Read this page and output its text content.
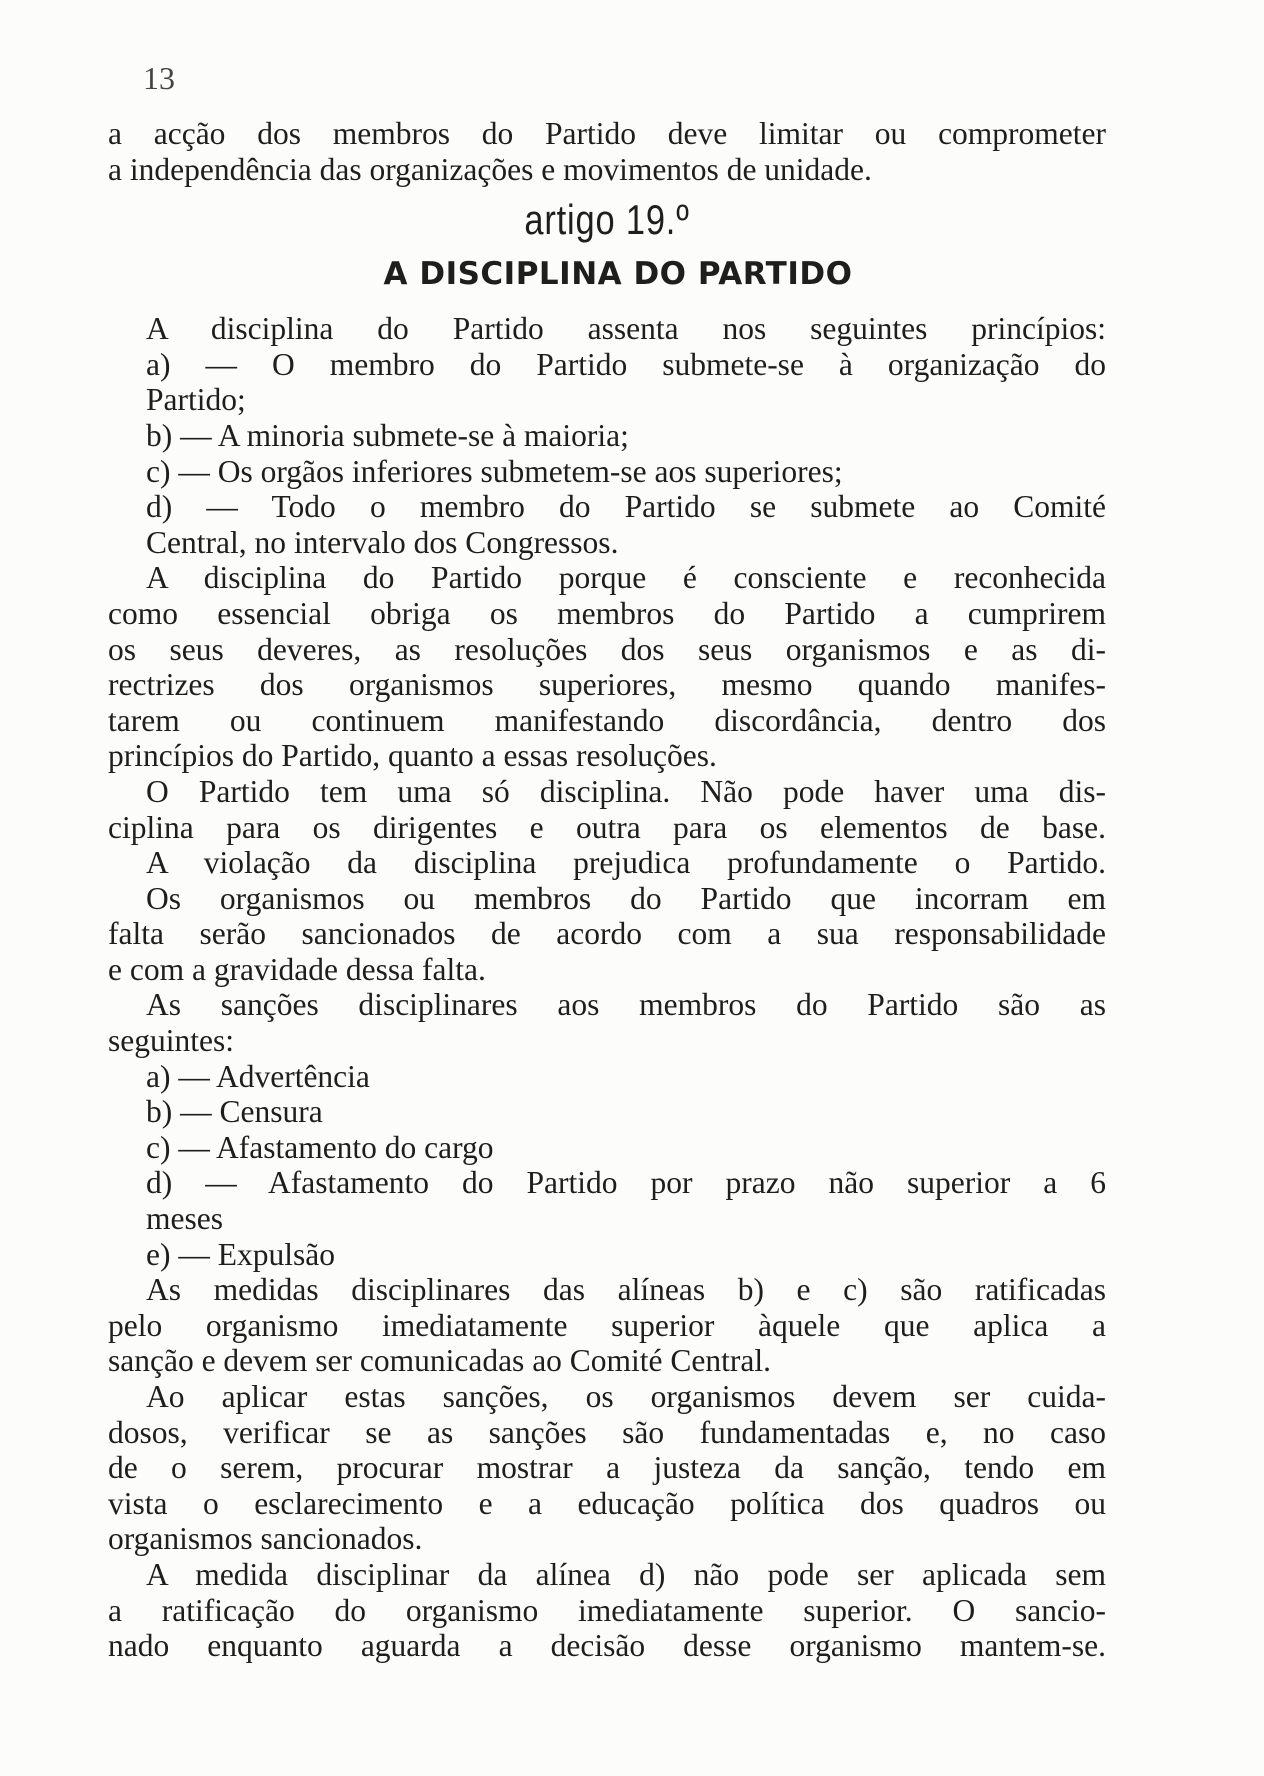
13
a acção dos membros do Partido deve limitar ou comprometer
a independência das organizações e movimentos de unidade.
artigo 19.º
A DISCIPLINA DO PARTIDO
A disciplina do Partido assenta nos seguintes princípios:
a) — O membro do Partido submete-se à organização do
Partido;
b) — A minoria submete-se à maioria;
c) — Os orgãos inferiores submetem-se aos superiores;
d) — Todo o membro do Partido se submete ao Comité
Central, no intervalo dos Congressos.
A disciplina do Partido porque é consciente e reconhecida
como essencial obriga os membros do Partido a cumprirem
os seus deveres, as resoluções dos seus organismos e as di-
rectrizes dos organismos superiores, mesmo quando manifes-
tarem ou continuem manifestando discordância, dentro dos
princípios do Partido, quanto a essas resoluções.
O Partido tem uma só disciplina. Não pode haver uma dis-
ciplina para os dirigentes e outra para os elementos de base.
A violação da disciplina prejudica profundamente o Partido.
Os organismos ou membros do Partido que incorram em
falta serão sancionados de acordo com a sua responsabilidade
e com a gravidade dessa falta.
As sanções disciplinares aos membros do Partido são as
seguintes:
a) — Advertência
b) — Censura
c) — Afastamento do cargo
d) — Afastamento do Partido por prazo não superior a 6
meses
e) — Expulsão
As medidas disciplinares das alíneas b) e c) são ratificadas
pelo organismo imediatamente superior àquele que aplica a
sanção e devem ser comunicadas ao Comité Central.
Ao aplicar estas sanções, os organismos devem ser cuida-
dosos, verificar se as sanções são fundamentadas e, no caso
de o serem, procurar mostrar a justeza da sanção, tendo em
vista o esclarecimento e a educação política dos quadros ou
organismos sancionados.
A medida disciplinar da alínea d) não pode ser aplicada sem
a ratificação do organismo imediatamente superior. O sancio-
nado enquanto aguarda a decisão desse organismo mantem-se.
